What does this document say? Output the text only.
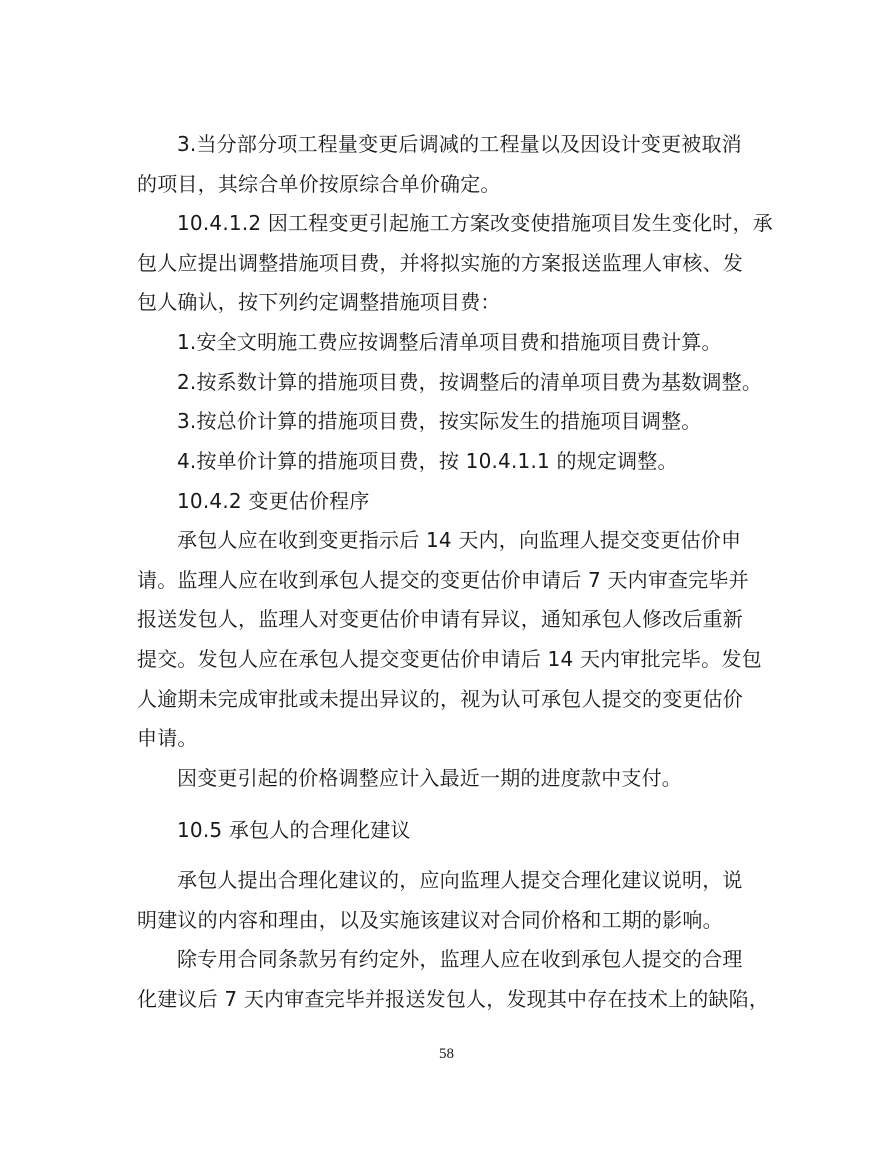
3.当分部分项工程量变更后调减的工程量以及因设计变更被取消
的项目，其综合单价按原综合单价确定。
10.4.1.2 因工程变更引起施工方案改变使措施项目发生变化时，承
包人应提出调整措施项目费，并将拟实施的方案报送监理人审核、发
包人确认，按下列约定调整措施项目费：
1.安全文明施工费应按调整后清单项目费和措施项目费计算。
2.按系数计算的措施项目费，按调整后的清单项目费为基数调整。
3.按总价计算的措施项目费，按实际发生的措施项目调整。
4.按单价计算的措施项目费，按 10.4.1.1 的规定调整。
10.4.2 变更估价程序
承包人应在收到变更指示后 14 天内，向监理人提交变更估价申
请。监理人应在收到承包人提交的变更估价申请后 7 天内审查完毕并
报送发包人，监理人对变更估价申请有异议，通知承包人修改后重新
提交。发包人应在承包人提交变更估价申请后 14 天内审批完毕。发包
人逾期未完成审批或未提出异议的，视为认可承包人提交的变更估价
申请。
因变更引起的价格调整应计入最近一期的进度款中支付。
10.5 承包人的合理化建议
承包人提出合理化建议的，应向监理人提交合理化建议说明，说
明建议的内容和理由，以及实施该建议对合同价格和工期的影响。
除专用合同条款另有约定外，监理人应在收到承包人提交的合理
化建议后 7 天内审查完毕并报送发包人，发现其中存在技术上的缺陷，
58
